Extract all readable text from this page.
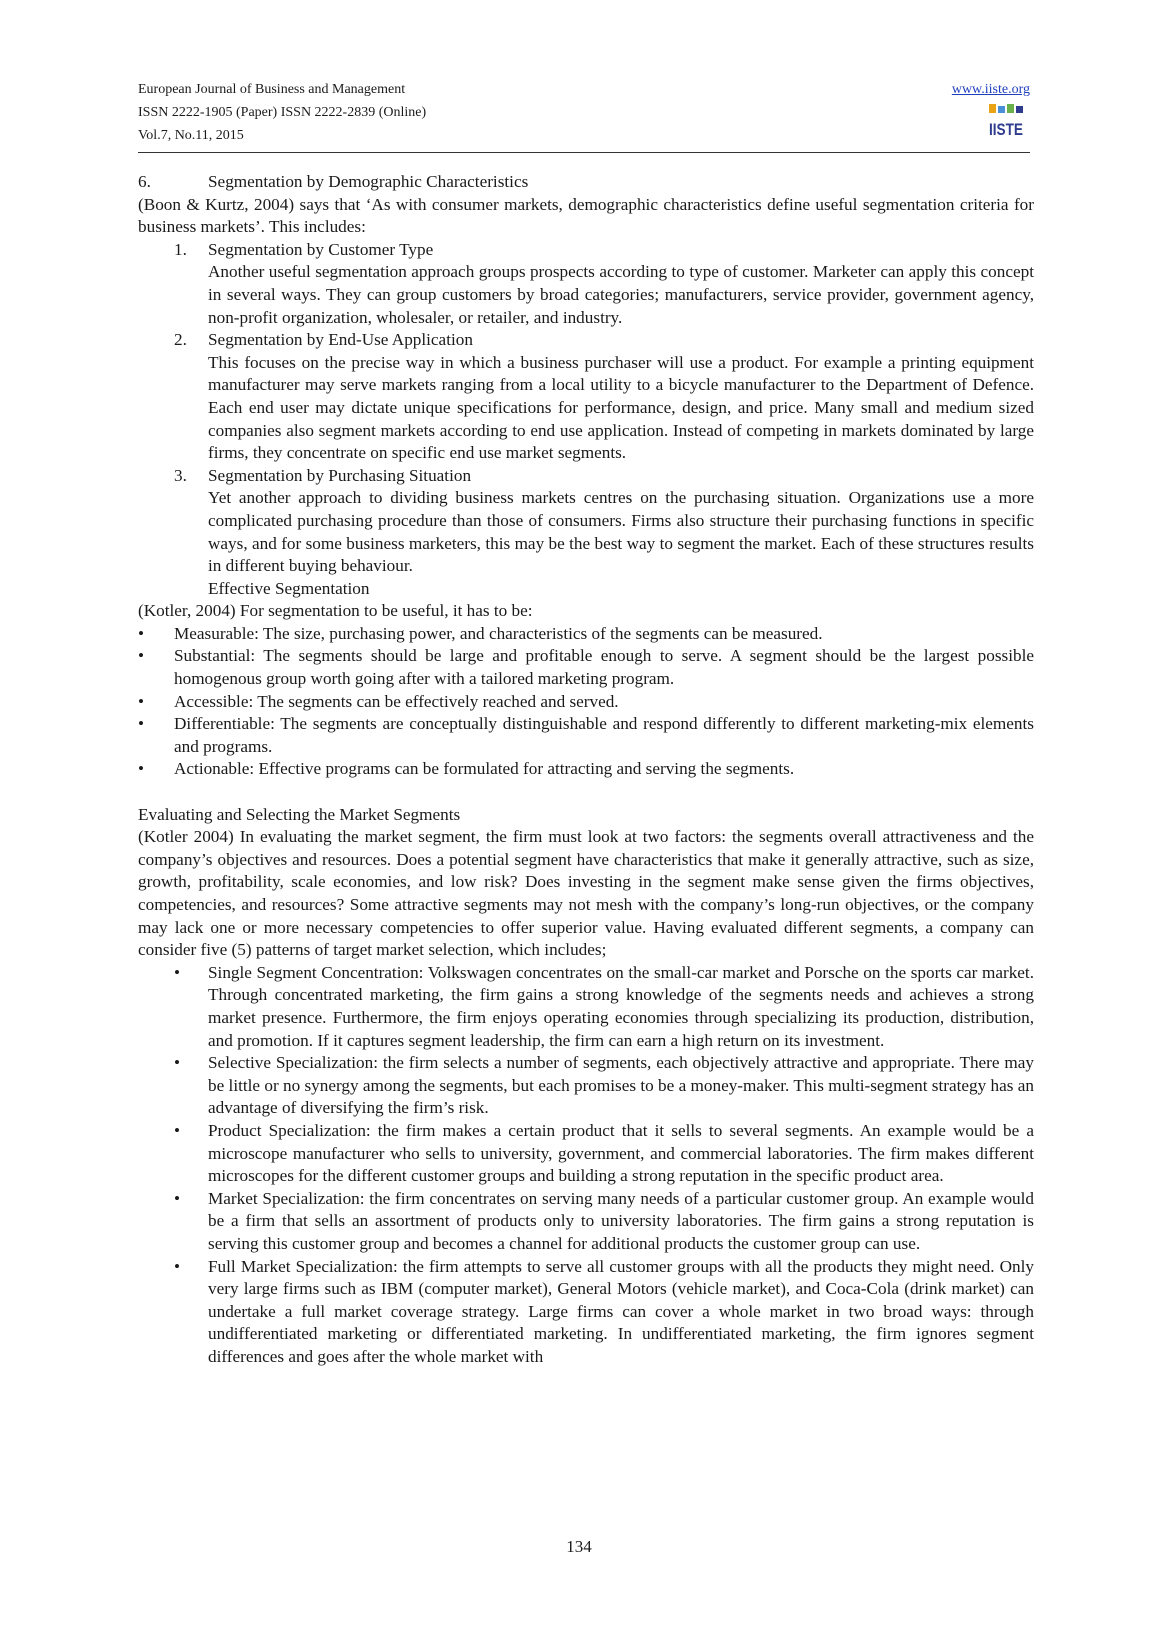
European Journal of Business and Management
ISSN 2222-1905 (Paper) ISSN 2222-2839 (Online)
Vol.7, No.11, 2015
www.iiste.org
IISTE
6.	Segmentation by Demographic Characteristics

(Boon & Kurtz, 2004) says that ‘As with consumer markets, demographic characteristics define useful segmentation criteria for business markets’. This includes:

1. Segmentation by Customer Type

Another useful segmentation approach groups prospects according to type of customer. Marketer can apply this concept in several ways. They can group customers by broad categories; manufacturers, service provider, government agency, non-profit organization, wholesaler, or retailer, and industry.

2. Segmentation by End-Use Application

This focuses on the precise way in which a business purchaser will use a product. For example a printing equipment manufacturer may serve markets ranging from a local utility to a bicycle manufacturer to the Department of Defence. Each end user may dictate unique specifications for performance, design, and price. Many small and medium sized companies also segment markets according to end use application. Instead of competing in markets dominated by large firms, they concentrate on specific end use market segments.

3. Segmentation by Purchasing Situation

Yet another approach to dividing business markets centres on the purchasing situation. Organizations use a more complicated purchasing procedure than those of consumers. Firms also structure their purchasing functions in specific ways, and for some business marketers, this may be the best way to segment the market. Each of these structures results in different buying behaviour.

Effective Segmentation

(Kotler, 2004) For segmentation to be useful, it has to be:

• Measurable: The size, purchasing power, and characteristics of the segments can be measured.

• Substantial: The segments should be large and profitable enough to serve. A segment should be the largest possible homogenous group worth going after with a tailored marketing program.

• Accessible: The segments can be effectively reached and served.

• Differentiable: The segments are conceptually distinguishable and respond differently to different marketing-mix elements and programs.

• Actionable: Effective programs can be formulated for attracting and serving the segments.

Evaluating and Selecting the Market Segments

(Kotler 2004) In evaluating the market segment, the firm must look at two factors: the segments overall attractiveness and the company’s objectives and resources. Does a potential segment have characteristics that make it generally attractive, such as size, growth, profitability, scale economies, and low risk? Does investing in the segment make sense given the firms objectives, competencies, and resources? Some attractive segments may not mesh with the company’s long-run objectives, or the company may lack one or more necessary competencies to offer superior value. Having evaluated different segments, a company can consider five (5) patterns of target market selection, which includes;

• Single Segment Concentration: Volkswagen concentrates on the small-car market and Porsche on the sports car market. Through concentrated marketing, the firm gains a strong knowledge of the segments needs and achieves a strong market presence. Furthermore, the firm enjoys operating economies through specializing its production, distribution, and promotion. If it captures segment leadership, the firm can earn a high return on its investment.

• Selective Specialization: the firm selects a number of segments, each objectively attractive and appropriate. There may be little or no synergy among the segments, but each promises to be a money-maker. This multi-segment strategy has an advantage of diversifying the firm’s risk.

• Product Specialization: the firm makes a certain product that it sells to several segments. An example would be a microscope manufacturer who sells to university, government, and commercial laboratories. The firm makes different microscopes for the different customer groups and building a strong reputation in the specific product area.

• Market Specialization: the firm concentrates on serving many needs of a particular customer group. An example would be a firm that sells an assortment of products only to university laboratories. The firm gains a strong reputation is serving this customer group and becomes a channel for additional products the customer group can use.

• Full Market Specialization: the firm attempts to serve all customer groups with all the products they might need. Only very large firms such as IBM (computer market), General Motors (vehicle market), and Coca-Cola (drink market) can undertake a full market coverage strategy. Large firms can cover a whole market in two broad ways: through undifferentiated marketing or differentiated marketing. In undifferentiated marketing, the firm ignores segment differences and goes after the whole market with

134
